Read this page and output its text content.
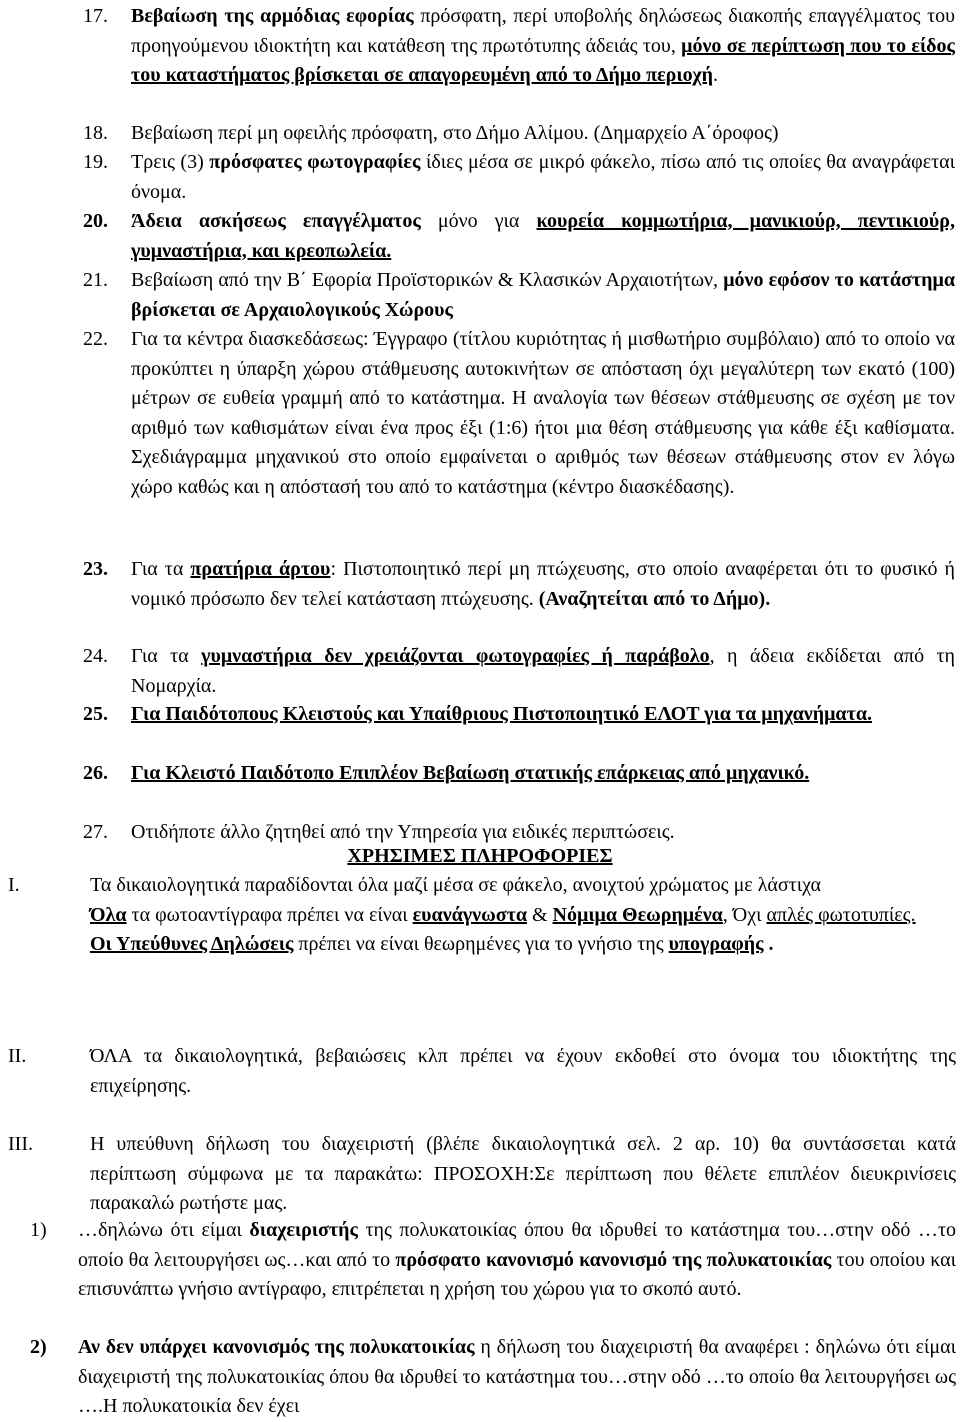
17. Βεβαίωση της αρμόδιας εφορίας πρόσφατη, περί υποβολής δηλώσεως διακοπής επαγγέλματος του προηγούμενου ιδιοκτήτη και κατάθεση της πρωτότυπης άδειάς του, μόνο σε περίπτωση που το είδος του καταστήματος βρίσκεται σε απαγορευμένη από το Δήμο περιοχή.
18. Βεβαίωση περί μη οφειλής πρόσφατη, στο Δήμο Αλίμου. (Δημαρχείο Α΄όροφος)
19. Τρεις (3) πρόσφατες φωτογραφίες ίδιες μέσα σε μικρό φάκελο, πίσω από τις οποίες θα αναγράφεται όνομα.
20. Άδεια ασκήσεως επαγγέλματος μόνο για κουρεία κομμωτήρια, μανικιούρ, πεντικιούρ, γυμναστήρια, και κρεοπωλεία.
21. Βεβαίωση από την Β΄ Εφορία Προϊστορικών & Κλασικών Αρχαιοτήτων, μόνο εφόσον το κατάστημα βρίσκεται σε Αρχαιολογικούς Χώρους
22. Για τα κέντρα διασκεδάσεως: Έγγραφο (τίτλου κυριότητας ή μισθωτήριο συμβόλαιο) από το οποίο να προκύπτει η ύπαρξη χώρου στάθμευσης αυτοκινήτων σε απόσταση όχι μεγαλύτερη των εκατό (100) μέτρων σε ευθεία γραμμή από το κατάστημα. Η αναλογία των θέσεων στάθμευσης σε σχέση με τον αριθμό των καθισμάτων είναι ένα προς έξι (1:6) ήτοι μια θέση στάθμευσης για κάθε έξι καθίσματα. Σχεδιάγραμμα μηχανικού στο οποίο εμφαίνεται ο αριθμός των θέσεων στάθμευσης στον εν λόγω χώρο καθώς και η απόστασή του από το κατάστημα (κέντρο διασκέδασης).
23. Για τα πρατήρια άρτου: Πιστοποιητικό περί μη πτώχευσης, στο οποίο αναφέρεται ότι το φυσικό ή νομικό πρόσωπο δεν τελεί κατάσταση πτώχευσης. (Αναζητείται από το Δήμο).
24. Για τα γυμναστήρια δεν χρειάζονται φωτογραφίες ή παράβολο, η άδεια εκδίδεται από τη Νομαρχία.
25. Για Παιδότοπους Κλειστούς και Υπαίθριους Πιστοποιητικό ΕΛΟΤ για τα μηχανήματα.
26. Για Κλειστό Παιδότοπο Επιπλέον Βεβαίωση στατικής επάρκειας από μηχανικό.
27. Οτιδήποτε άλλο ζητηθεί από την Υπηρεσία για ειδικές περιπτώσεις.
ΧΡΗΣΙΜΕΣ ΠΛΗΡΟΦΟΡΙΕΣ
I.	Τα δικαιολογητικά παραδίδονται όλα μαζί μέσα σε φάκελο, ανοιχτού χρώματος με λάστιχα

Όλα τα φωτοαντίγραφα πρέπει να είναι ευανάγνωστα & Νόμιμα Θεωρημένα, Όχι απλές φωτοτυπίες.

Οι Υπεύθυνες Δηλώσεις πρέπει να είναι θεωρημένες για το γνήσιο της υπογραφής .

II.	ΌΛΑ τα δικαιολογητικά, βεβαιώσεις κλπ πρέπει να έχουν εκδοθεί στο όνομα του ιδιοκτήτης της επιχείρησης.

III.	Η υπεύθυνη δήλωση του διαχειριστή (βλέπε δικαιολογητικά σελ. 2 αρ. 10) θα συντάσσεται κατά περίπτωση σύμφωνα με τα παρακάτω: ΠΡΟΣΟΧΗ:Σε περίπτωση που θέλετε επιπλέον διευκρινίσεις παρακαλώ ρωτήστε μας.

1) …δηλώνω ότι είμαι διαχειριστής της πολυκατοικίας όπου θα ιδρυθεί το κατάστημα του…στην οδό …το οποίο θα λειτουργήσει ως…και από το πρόσφατο κανονισμό κανονισμό της πολυκατοικίας του οποίου και επισυνάπτω γνήσιο αντίγραφο, επιτρέπεται η χρήση του χώρου για το σκοπό αυτό.
2) Αν δεν υπάρχει κανονισμός της πολυκατοικίας η δήλωση του διαχειριστή θα αναφέρει : δηλώνω ότι είμαι διαχειριστή της πολυκατοικίας όπου θα ιδρυθεί το κατάστημα του…στην οδό …το οποίο θα λειτουργήσει ως ….Η πολυκατοικία δεν έχει
